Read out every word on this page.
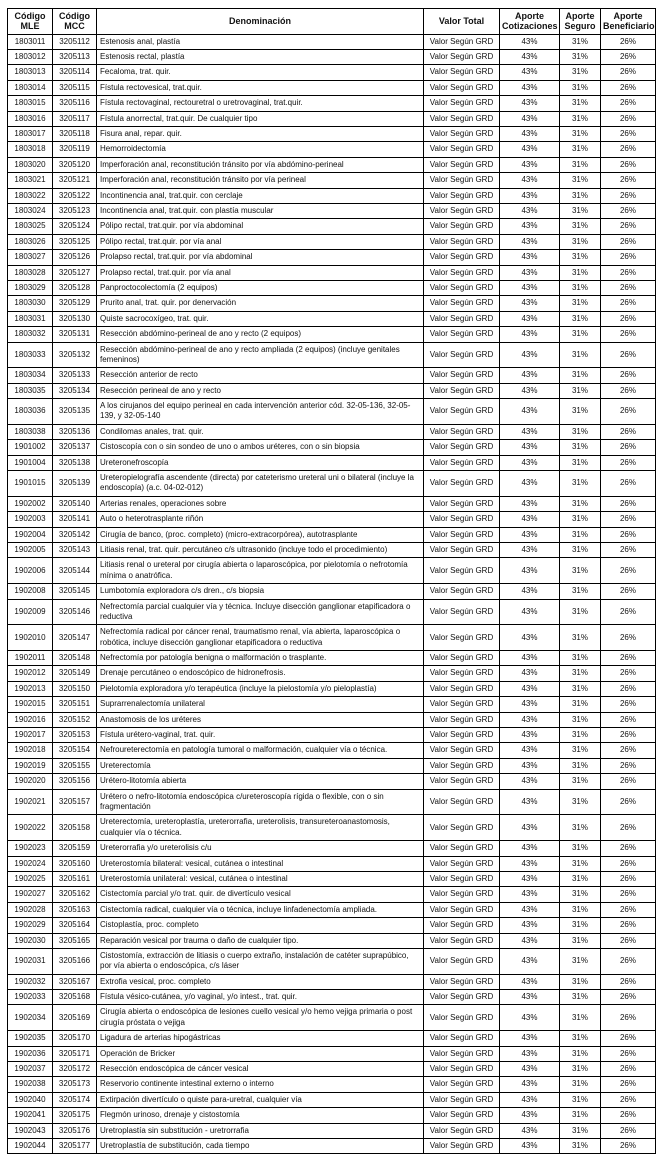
Código MLE	Código MCC	Denominación	Valor Total	Aporte Cotizaciones	Aporte Seguro	Aporte Beneficiario
1803011	3205112	Estenosis anal, plastía	Valor Según GRD	43%	31%	26%
1803012	3205113	Estenosis rectal, plastía	Valor Según GRD	43%	31%	26%
1803013	3205114	Fecaloma, trat. quir.	Valor Según GRD	43%	31%	26%
1803014	3205115	Fístula rectovesical, trat.quir.	Valor Según GRD	43%	31%	26%
1803015	3205116	Fístula rectovaginal, rectouretral o uretrovaginal, trat.quir.	Valor Según GRD	43%	31%	26%
1803016	3205117	Fístula anorrectal, trat.quir. De cualquier tipo	Valor Según GRD	43%	31%	26%
1803017	3205118	Fisura anal, repar. quir.	Valor Según GRD	43%	31%	26%
1803018	3205119	Hemorroidectomía	Valor Según GRD	43%	31%	26%
1803020	3205120	Imperforación anal, reconstitución tránsito por vía abdómino-perineal	Valor Según GRD	43%	31%	26%
1803021	3205121	Imperforación anal, reconstitución tránsito por vía perineal	Valor Según GRD	43%	31%	26%
1803022	3205122	Incontinencia anal, trat.quir. con cerclaje	Valor Según GRD	43%	31%	26%
1803024	3205123	Incontinencia anal, trat.quir. con plastía muscular	Valor Según GRD	43%	31%	26%
1803025	3205124	Pólipo rectal, trat.quir. por vía abdominal	Valor Según GRD	43%	31%	26%
1803026	3205125	Pólipo rectal, trat.quir. por vía anal	Valor Según GRD	43%	31%	26%
1803027	3205126	Prolapso rectal, trat.quir. por vía abdominal	Valor Según GRD	43%	31%	26%
1803028	3205127	Prolapso rectal, trat.quir. por vía anal	Valor Según GRD	43%	31%	26%
1803029	3205128	Panproctocolectomía (2 equipos)	Valor Según GRD	43%	31%	26%
1803030	3205129	Prurito anal, trat. quir. por denervación	Valor Según GRD	43%	31%	26%
1803031	3205130	Quiste sacrocoxígeo, trat. quir.	Valor Según GRD	43%	31%	26%
1803032	3205131	Resección abdómino-perineal de ano y recto (2 equipos)	Valor Según GRD	43%	31%	26%
1803033	3205132	Resección abdómino-perineal de ano y recto ampliada (2 equipos) (incluye genitales femeninos)	Valor Según GRD	43%	31%	26%
1803034	3205133	Resección anterior de recto	Valor Según GRD	43%	31%	26%
1803035	3205134	Resección perineal de ano y recto	Valor Según GRD	43%	31%	26%
1803036	3205135	A los cirujanos del equipo perineal en cada intervención anterior cód. 32-05-136, 32-05-139, y 32-05-140	Valor Según GRD	43%	31%	26%
1803038	3205136	Condilomas anales, trat. quir.	Valor Según GRD	43%	31%	26%
1901002	3205137	Cistoscopía con o sin sondeo de uno o ambos uréteres, con o sin biopsia	Valor Según GRD	43%	31%	26%
1901004	3205138	Ureteronefroscopía	Valor Según GRD	43%	31%	26%
1901015	3205139	Ureteropielografía ascendente (directa) por cateterismo ureteral uni o bilateral (incluye la endoscopía) (a.c. 04-02-012)	Valor Según GRD	43%	31%	26%
1902002	3205140	Arterias renales, operaciones sobre	Valor Según GRD	43%	31%	26%
1902003	3205141	Auto o heterotrasplante riñón	Valor Según GRD	43%	31%	26%
1902004	3205142	Cirugía de banco, (proc. completo) (micro-extracorpórea), autotrasplante	Valor Según GRD	43%	31%	26%
1902005	3205143	Litiasis renal, trat. quir. percutáneo c/s ultrasonido (incluye todo el procedimiento)	Valor Según GRD	43%	31%	26%
1902006	3205144	Litiasis renal o ureteral por cirugía abierta o laparoscópica, por pielotomía o nefrotomía mínima o anatrófica.	Valor Según GRD	43%	31%	26%
1902008	3205145	Lumbotomía exploradora c/s dren., c/s biopsia	Valor Según GRD	43%	31%	26%
1902009	3205146	Nefrectomía parcial cualquier vía y técnica. Incluye disección ganglionar etapificadora o reductiva	Valor Según GRD	43%	31%	26%
1902010	3205147	Nefrectomía radical por cáncer renal, traumatismo renal, vía abierta, laparoscópica o robótica, incluye disección ganglionar etapificadora o reductiva	Valor Según GRD	43%	31%	26%
1902011	3205148	Nefrectomía por patología benigna o malformación o trasplante.	Valor Según GRD	43%	31%	26%
1902012	3205149	Drenaje percutáneo o endoscópico de hidronefrosis.	Valor Según GRD	43%	31%	26%
1902013	3205150	Pielotomía exploradora y/o terapéutica (incluye la pielostomía y/o pieloplastía)	Valor Según GRD	43%	31%	26%
1902015	3205151	Suprarrenalectomía unilateral	Valor Según GRD	43%	31%	26%
1902016	3205152	Anastomosis de los uréteres	Valor Según GRD	43%	31%	26%
1902017	3205153	Fístula urétero-vaginal, trat. quir.	Valor Según GRD	43%	31%	26%
1902018	3205154	Nefroureterectomía en patología tumoral o malformación, cualquier vía o técnica.	Valor Según GRD	43%	31%	26%
1902019	3205155	Ureterectomía	Valor Según GRD	43%	31%	26%
1902020	3205156	Urétero-litotomía abierta	Valor Según GRD	43%	31%	26%
1902021	3205157	Urétero o nefro-litotomía endoscópica c/ureteroscopía rígida o flexible, con o sin fragmentación	Valor Según GRD	43%	31%	26%
1902022	3205158	Ureterectomía, ureteroplastía, ureterorrafia, ureterolisis, transureteroanastomosis, cualquier vía o técnica.	Valor Según GRD	43%	31%	26%
1902023	3205159	Ureterorrafia y/o ureterolisis c/u	Valor Según GRD	43%	31%	26%
1902024	3205160	Ureterostomía bilateral: vesical, cutánea o intestinal	Valor Según GRD	43%	31%	26%
1902025	3205161	Ureterostomía unilateral: vesical, cutánea o intestinal	Valor Según GRD	43%	31%	26%
1902027	3205162	Cistectomía parcial y/o trat. quir. de divertículo vesical	Valor Según GRD	43%	31%	26%
1902028	3205163	Cistectomía radical, cualquier vía o técnica, incluye linfadenectomía ampliada.	Valor Según GRD	43%	31%	26%
1902029	3205164	Cistoplastía, proc. completo	Valor Según GRD	43%	31%	26%
1902030	3205165	Reparación vesical por trauma o daño de cualquier tipo.	Valor Según GRD	43%	31%	26%
1902031	3205166	Cistostomía, extracción de litiasis o cuerpo extraño, instalación de catéter suprapúbico, por vía abierta o endoscópica, c/s láser	Valor Según GRD	43%	31%	26%
1902032	3205167	Extrofia vesical, proc. completo	Valor Según GRD	43%	31%	26%
1902033	3205168	Fístula vésico-cutánea, y/o vaginal, y/o intest., trat. quir.	Valor Según GRD	43%	31%	26%
1902034	3205169	Cirugía abierta o endoscópica de lesiones cuello vesical y/o hemo vejiga primaria o post cirugía próstata o vejiga	Valor Según GRD	43%	31%	26%
1902035	3205170	Ligadura de arterias hipogástricas	Valor Según GRD	43%	31%	26%
1902036	3205171	Operación de Bricker	Valor Según GRD	43%	31%	26%
1902037	3205172	Resección endoscópica de cáncer vesical	Valor Según GRD	43%	31%	26%
1902038	3205173	Reservorio continente intestinal externo o interno	Valor Según GRD	43%	31%	26%
1902040	3205174	Extirpación divertículo o quiste para-uretral, cualquier vía	Valor Según GRD	43%	31%	26%
1902041	3205175	Flegmón urinoso, drenaje y cistostomía	Valor Según GRD	43%	31%	26%
1902043	3205176	Uretroplastía sin substitución - uretrorrafia	Valor Según GRD	43%	31%	26%
1902044	3205177	Uretroplastía de substitución, cada tiempo	Valor Según GRD	43%	31%	26%
